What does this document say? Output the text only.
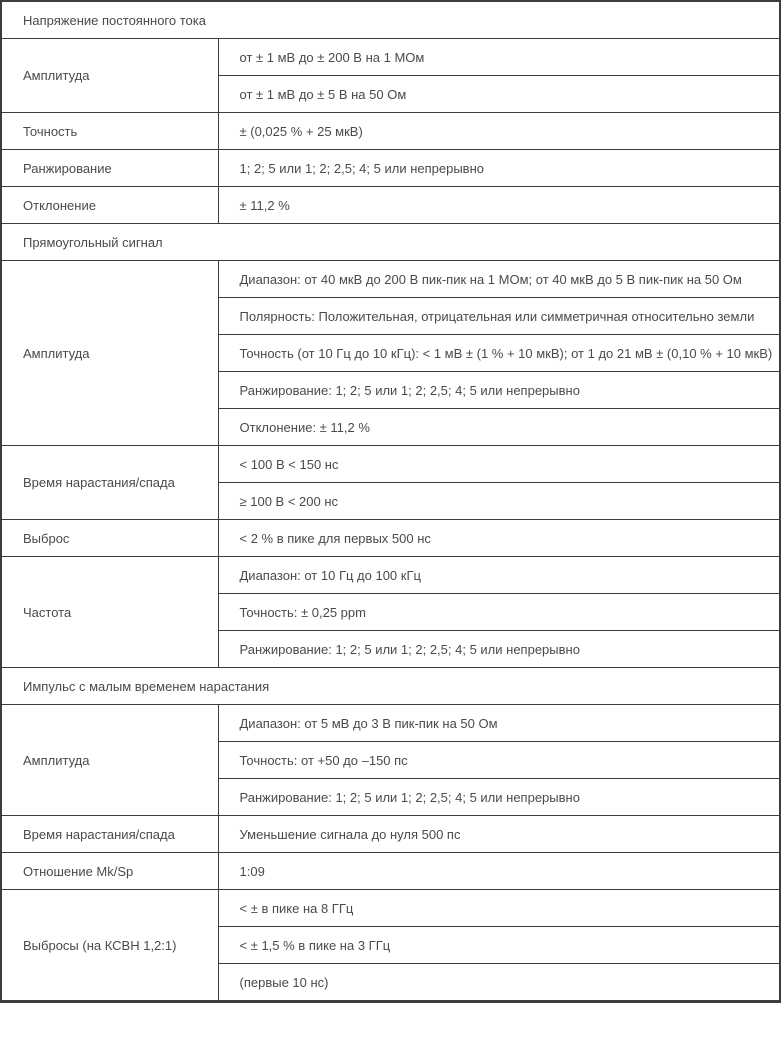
Напряжение постоянного тока	
Амплитуда	от ± 1 мВ до ± 200 В на 1 МОм
	от ± 1 мВ до ± 5 В на 50 Ом
Точность	± (0,025 % + 25 мкВ)
Ранжирование	1; 2; 5 или 1; 2; 2,5; 4; 5 или непрерывно
Отклонение	± 11,2 %
Прямоугольный сигнал	
Амплитуда	Диапазон: от 40 мкВ до 200 В пик-пик на 1 МОм; от 40 мкВ до 5 В пик-пик на 50 Ом
	Полярность: Положительная, отрицательная или симметричная относительно земли
	Точность (от 10 Гц до 10 кГц): < 1 мВ ± (1 % + 10 мкВ); от 1 до 21 мВ ± (0,10 % + 10 мкВ)
	Ранжирование: 1; 2; 5 или 1; 2; 2,5; 4; 5 или непрерывно
	Отклонение: ± 11,2 %
Время нарастания/спада	< 100 В < 150 нс
	≥ 100 В < 200 нс
Выброс	< 2 % в пике для первых 500 нс
Частота	Диапазон: от 10 Гц до 100 кГц
	Точность: ± 0,25 ppm
	Ранжирование: 1; 2; 5 или 1; 2; 2,5; 4; 5 или непрерывно
Импульс с малым временем нарастания	
Амплитуда	Диапазон: от 5 мВ до 3 В пик-пик на 50 Ом
	Точность: от +50 до –150 пс
	Ранжирование: 1; 2; 5 или 1; 2; 2,5; 4; 5 или непрерывно
Время нарастания/спада	Уменьшение сигнала до нуля 500 пс
Отношение Mk/Sp	1:09
Выбросы (на КСВН 1,2:1)	< ± в пике на 8 ГГц
	< ± 1,5 % в пике на 3 ГГц
	(первые 10 нс)
